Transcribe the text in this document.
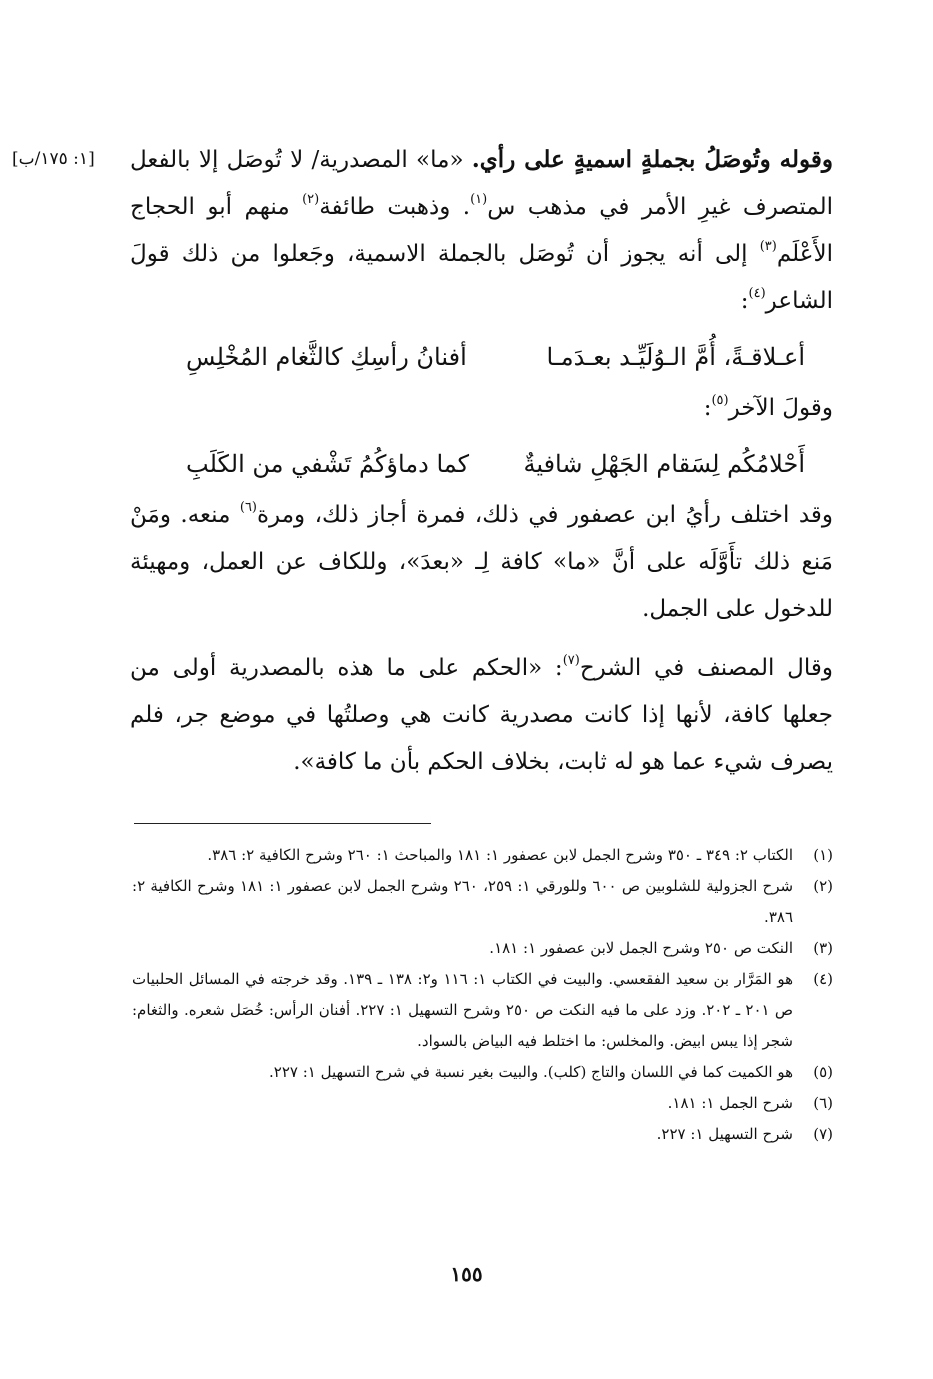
[١: ١٧٥/ب]	وقوله وتُوصَلُ بجملةٍ اسميةٍ على رأي. «ما» المصدرية/ لا تُوصَل إلا بالفعل المتصرف غيرِ الأمر في مذهب س$^{(١)}$. وذهبت طائفة$^{(٢)}$ منهم أبو الحجاج الأَعْلَم$^{(٣)}$ إلى أنه يجوز أن تُوصَل بالجملة الاسمية، وجَعلوا من ذلك قولَ الشاعر$^{(٤)}$:

أعـلاقـةً، أُمَّ الـوُلَيِّـد بعـدَمـا
أفنانُ رأسِكِ كالثَّغام المُخْلِسِ

وقولَ الآخر$^{(٥)}$:

أَحْلامُكُم لِسَقام الجَهْلِ شافيةٌ
كما دماؤكُمُ تَشْفي من الكَلَبِ

وقد اختلف رأيُ ابن عصفور في ذلك، فمرة أجاز ذلك، ومرة$^{(٦)}$ منعه. ومَنْ مَنع ذلك تأَوَّلَه على أنَّ «ما» كافة لِـ «بعدَ»، وللكاف عن العمل، ومهيئة للدخول على الجمل.

وقال المصنف في الشرح$^{(٧)}$: «الحكم على ما هذه بالمصدرية أولى من جعلها كافة، لأنها إذا كانت مصدرية كانت هي وصلتُها في موضع جر، فلم يصرف شيء عما هو له ثابت، بخلاف الحكم بأن ما كافة».

(١)
الكتاب ٢: ٣٤٩ ـ ٣٥٠ وشرح الجمل لابن عصفور ١: ١٨١ والمباحث ١: ٢٦٠ وشرح الكافية ٢: ٣٨٦.
(٢)
شرح الجزولية للشلوبين ص ٦٠٠ وللورقي ١: ٢٥٩، ٢٦٠ وشرح الجمل لابن عصفور ١: ١٨١ وشرح الكافية ٢: ٣٨٦.
(٣)
النكت ص ٢٥٠ وشرح الجمل لابن عصفور ١: ١٨١.
(٤)
هو المَرَّار بن سعيد الفقعسي. والبيت في الكتاب ١: ١١٦ و٢: ١٣٨ ـ ١٣٩. وقد خرجته في المسائل الحلبيات ص ٢٠١ ـ ٢٠٢. وزد على ما فيه النكت ص ٢٥٠ وشرح التسهيل ١: ٢٢٧. أفنان الرأس: خُصَل شعره. والثغام: شجر إذا يبس ابيض. والمخلس: ما اختلط فيه البياض بالسواد.
(٥)
هو الكميت كما في اللسان والتاج (كلب). والبيت بغير نسبة في شرح التسهيل ١: ٢٢٧.
(٦)
شرح الجمل ١: ١٨١.
(٧)
شرح التسهيل ١: ٢٢٧.
١٥٥
